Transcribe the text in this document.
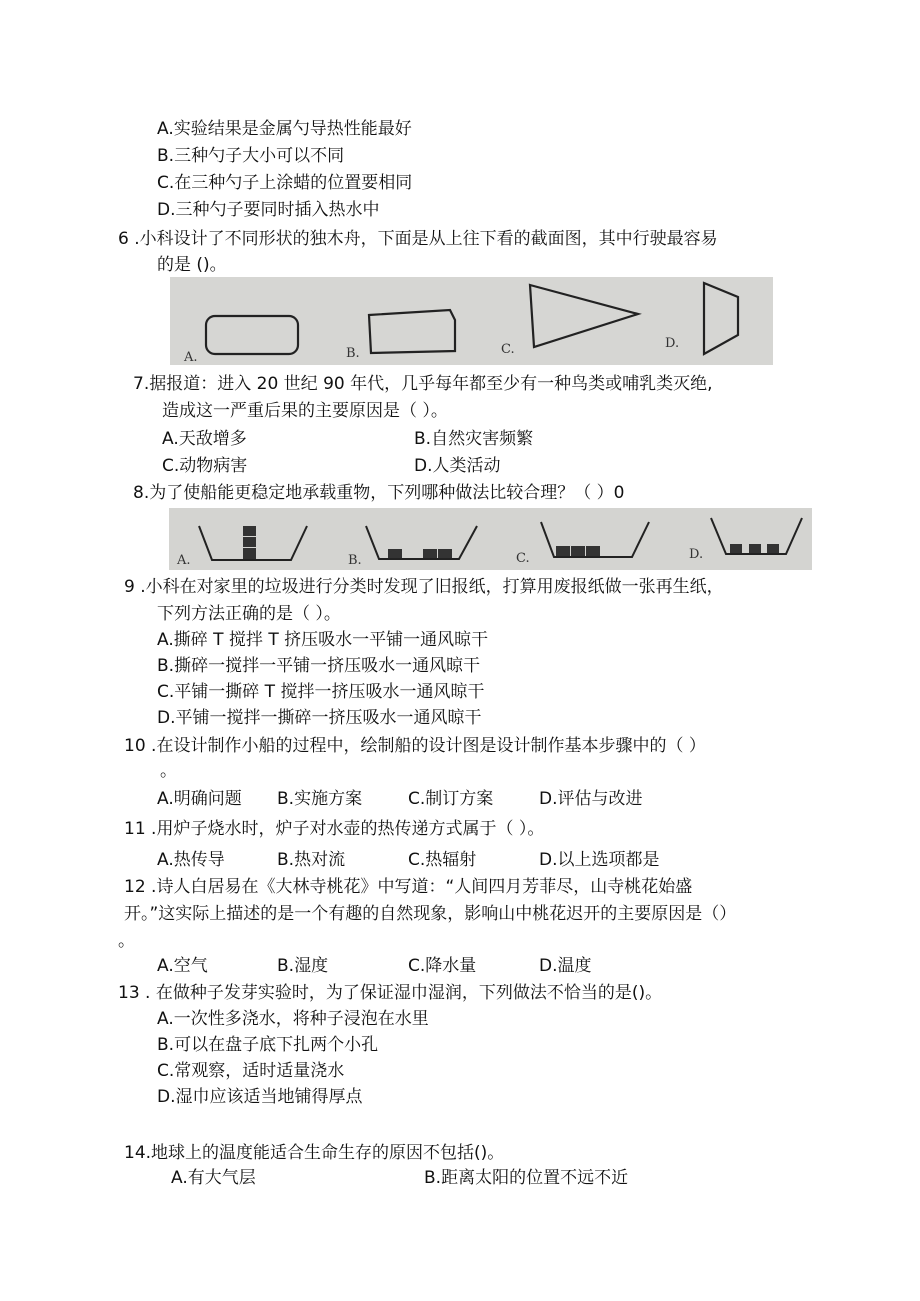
A.实验结果是金属勺导热性能最好
B.三种勺子大小可以不同
C.在三种勺子上涂蜡的位置要相同
D.三种勺子要同时插入热水中
6 .小科设计了不同形状的独木舟，下面是从上往下看的截面图，其中行驶最容易
的是 ()。
A.	B.	C.	D.
7.据报道：进入 20 世纪 90 年代，几乎每年都至少有一种鸟类或哺乳类灭绝,
造成这一严重后果的主要原因是（ ）。
A.天敌增多	B.自然灾害频繁
C.动物病害	D.人类活动
8.为了使船能更稳定地承载重物，下列哪种做法比较合理？（ ）0
A.	B.	C.	D.
9 .小科在对家里的垃圾进行分类时发现了旧报纸，打算用废报纸做一张再生纸，
下列方法正确的是（ ）。
A.撕碎 T 搅拌 T 挤压吸水一平铺一通风晾干
B.撕碎一搅拌一平铺一挤压吸水一通风晾干
C.平铺一撕碎 T 搅拌一挤压吸水一通风晾干
D.平铺一搅拌一撕碎一挤压吸水一通风晾干
10 .在设计制作小船的过程中，绘制船的设计图是设计制作基本步骤中的（ ）
。
A.明确问题 B.实施方案	C.制订方案	D.评估与改进
11 .用炉子烧水时，炉子对水壶的热传递方式属于（ ）。
A.热传导	B.热对流	C.热辐射	D.以上选项都是
12 .诗人白居易在《大林寺桃花》中写道：“人间四月芳菲尽，山寺桃花始盛
开。”这实际上描述的是一个有趣的自然现象，影响山中桃花迟开的主要原因是（）
。
A.空气	B.湿度	C.降水量	D.温度
13 . 在做种子发芽实验时，为了保证湿巾湿润，下列做法不恰当的是()。
A.一次性多浇水，将种子浸泡在水里
B.可以在盘子底下扎两个小孔
C.常观察，适时适量浇水
D.湿巾应该适当地铺得厚点
14.地球上的温度能适合生命生存的原因不包括()。
A.有大气层	B.距离太阳的位置不远不近
